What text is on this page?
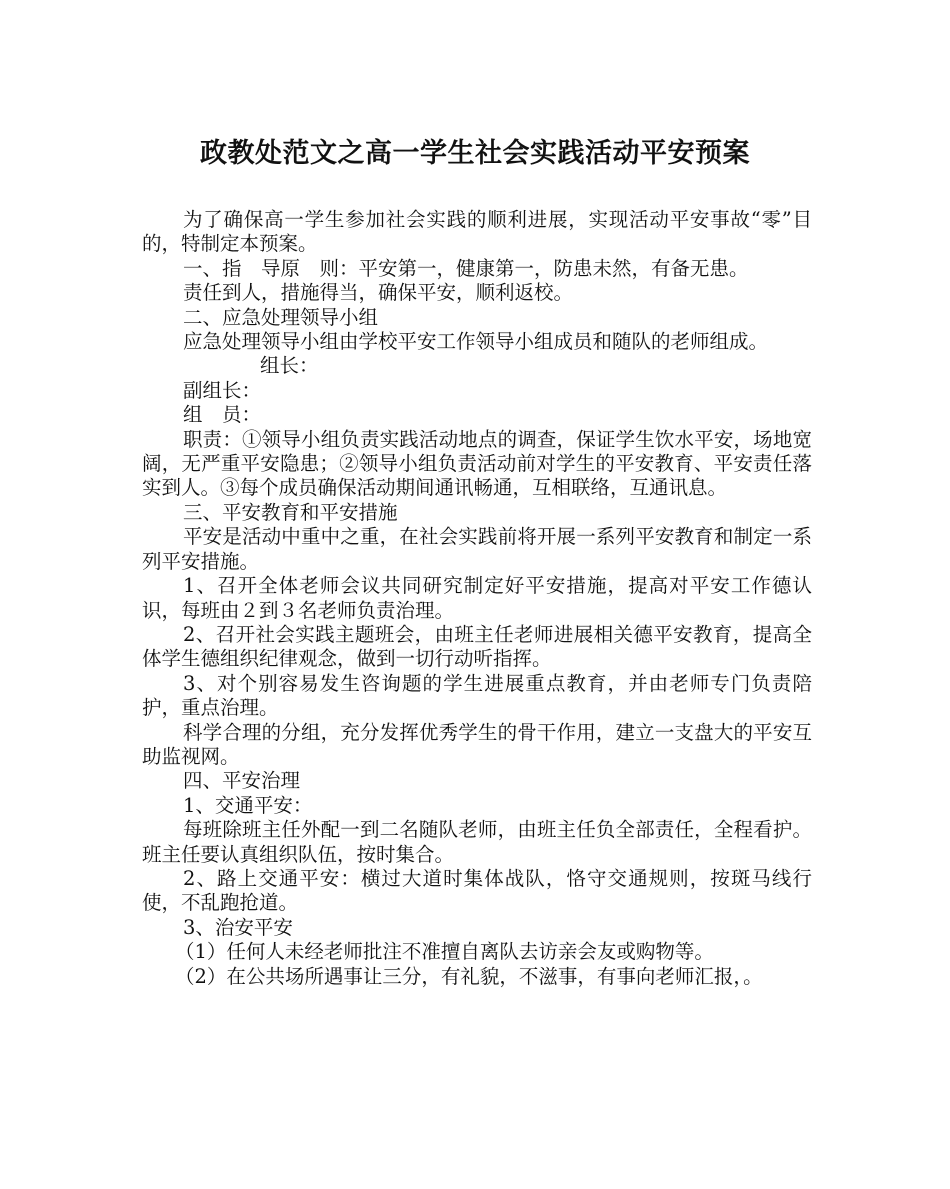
政教处范文之高一学生社会实践活动平安预案

为了确保高一学生参加社会实践的顺利进展，实现活动平安事故“零”目的，特制定本预案。

一、指　导原　则：平安第一，健康第一，防患未然，有备无患。

责任到人，措施得当，确保平安，顺利返校。

二、应急处理领导小组

应急处理领导小组由学校平安工作领导小组成员和随队的老师组成。

组长：

副组长：

组　员：

职责：①领导小组负责实践活动地点的调查，保证学生饮水平安，场地宽阔，无严重平安隐患；②领导小组负责活动前对学生的平安教育、平安责任落实到人。③每个成员确保活动期间通讯畅通，互相联络，互通讯息。

三、平安教育和平安措施

平安是活动中重中之重，在社会实践前将开展一系列平安教育和制定一系列平安措施。

1、召开全体老师会议共同研究制定好平安措施，提高对平安工作德认识，每班由２到３名老师负责治理。

2、召开社会实践主题班会，由班主任老师进展相关德平安教育，提高全体学生德组织纪律观念，做到一切行动听指挥。

3、对个别容易发生咨询题的学生进展重点教育，并由老师专门负责陪护，重点治理。

科学合理的分组，充分发挥优秀学生的骨干作用，建立一支盘大的平安互助监视网。

四、平安治理

1、交通平安：

每班除班主任外配一到二名随队老师，由班主任负全部责任，全程看护。班主任要认真组织队伍，按时集合。

2、路上交通平安：横过大道时集体战队，恪守交通规则，按斑马线行使，不乱跑抢道。

3、治安平安

（1）任何人未经老师批注不准擅自离队去访亲会友或购物等。

（2）在公共场所遇事让三分，有礼貌，不滋事，有事向老师汇报，。
